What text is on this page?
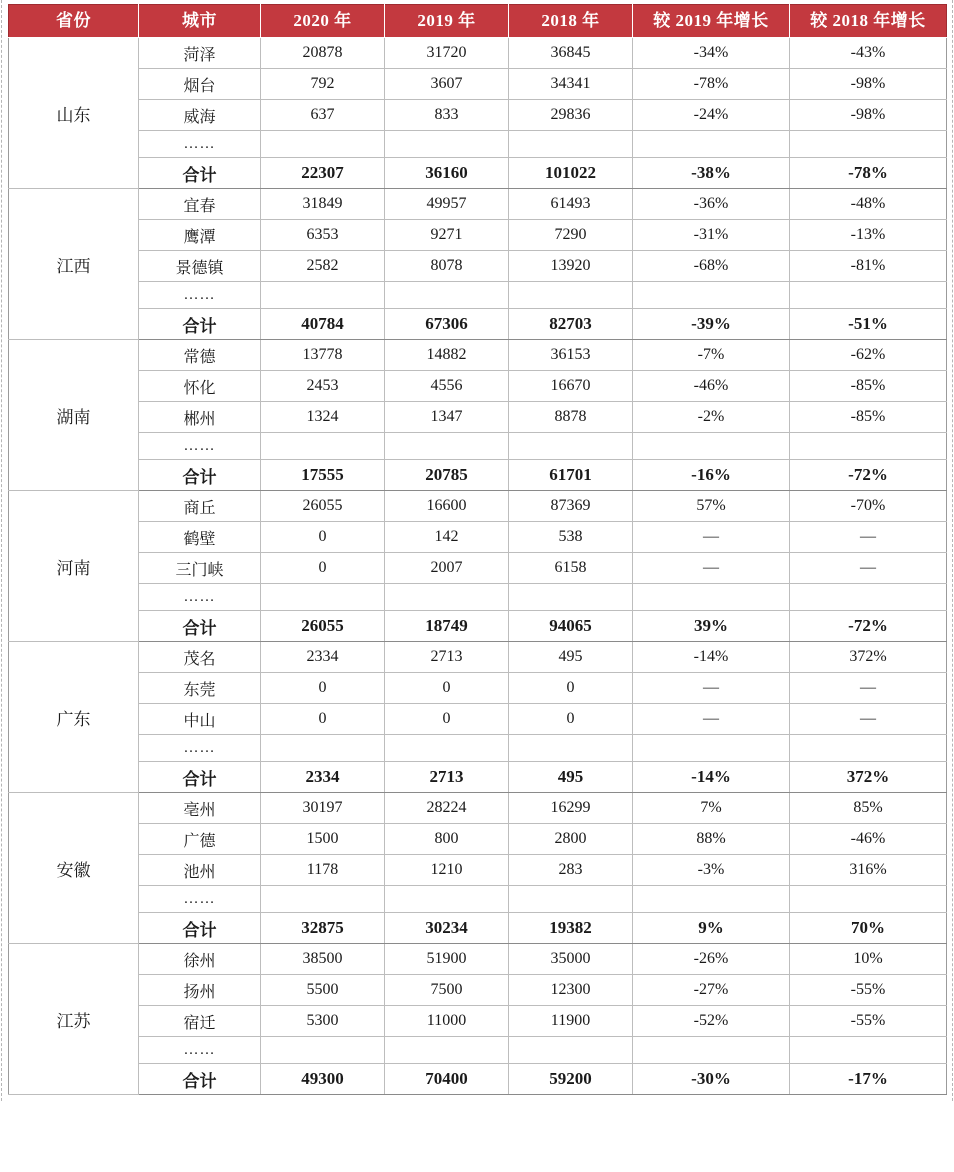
省份	城市	2020 年	2019 年	2018 年	较 2019 年增长	较 2018 年增长
山东	菏泽	20878	31720	36845	-34%	-43%
	烟台	792	3607	34341	-78%	-98%
	威海	637	833	29836	-24%	-98%
	……					
	合计	22307	36160	101022	-38%	-78%
江西	宜春	31849	49957	61493	-36%	-48%
	鹰潭	6353	9271	7290	-31%	-13%
	景德镇	2582	8078	13920	-68%	-81%
	……					
	合计	40784	67306	82703	-39%	-51%
湖南	常德	13778	14882	36153	-7%	-62%
	怀化	2453	4556	16670	-46%	-85%
	郴州	1324	1347	8878	-2%	-85%
	……					
	合计	17555	20785	61701	-16%	-72%
河南	商丘	26055	16600	87369	57%	-70%
	鹤壁	0	142	538	—	—
	三门峡	0	2007	6158	—	—
	……					
	合计	26055	18749	94065	39%	-72%
广东	茂名	2334	2713	495	-14%	372%
	东莞	0	0	0	—	—
	中山	0	0	0	—	—
	……					
	合计	2334	2713	495	-14%	372%
安徽	亳州	30197	28224	16299	7%	85%
	广德	1500	800	2800	88%	-46%
	池州	1178	1210	283	-3%	316%
	……					
	合计	32875	30234	19382	9%	70%
江苏	徐州	38500	51900	35000	-26%	10%
	扬州	5500	7500	12300	-27%	-55%
	宿迁	5300	11000	11900	-52%	-55%
	……					
	合计	49300	70400	59200	-30%	-17%
